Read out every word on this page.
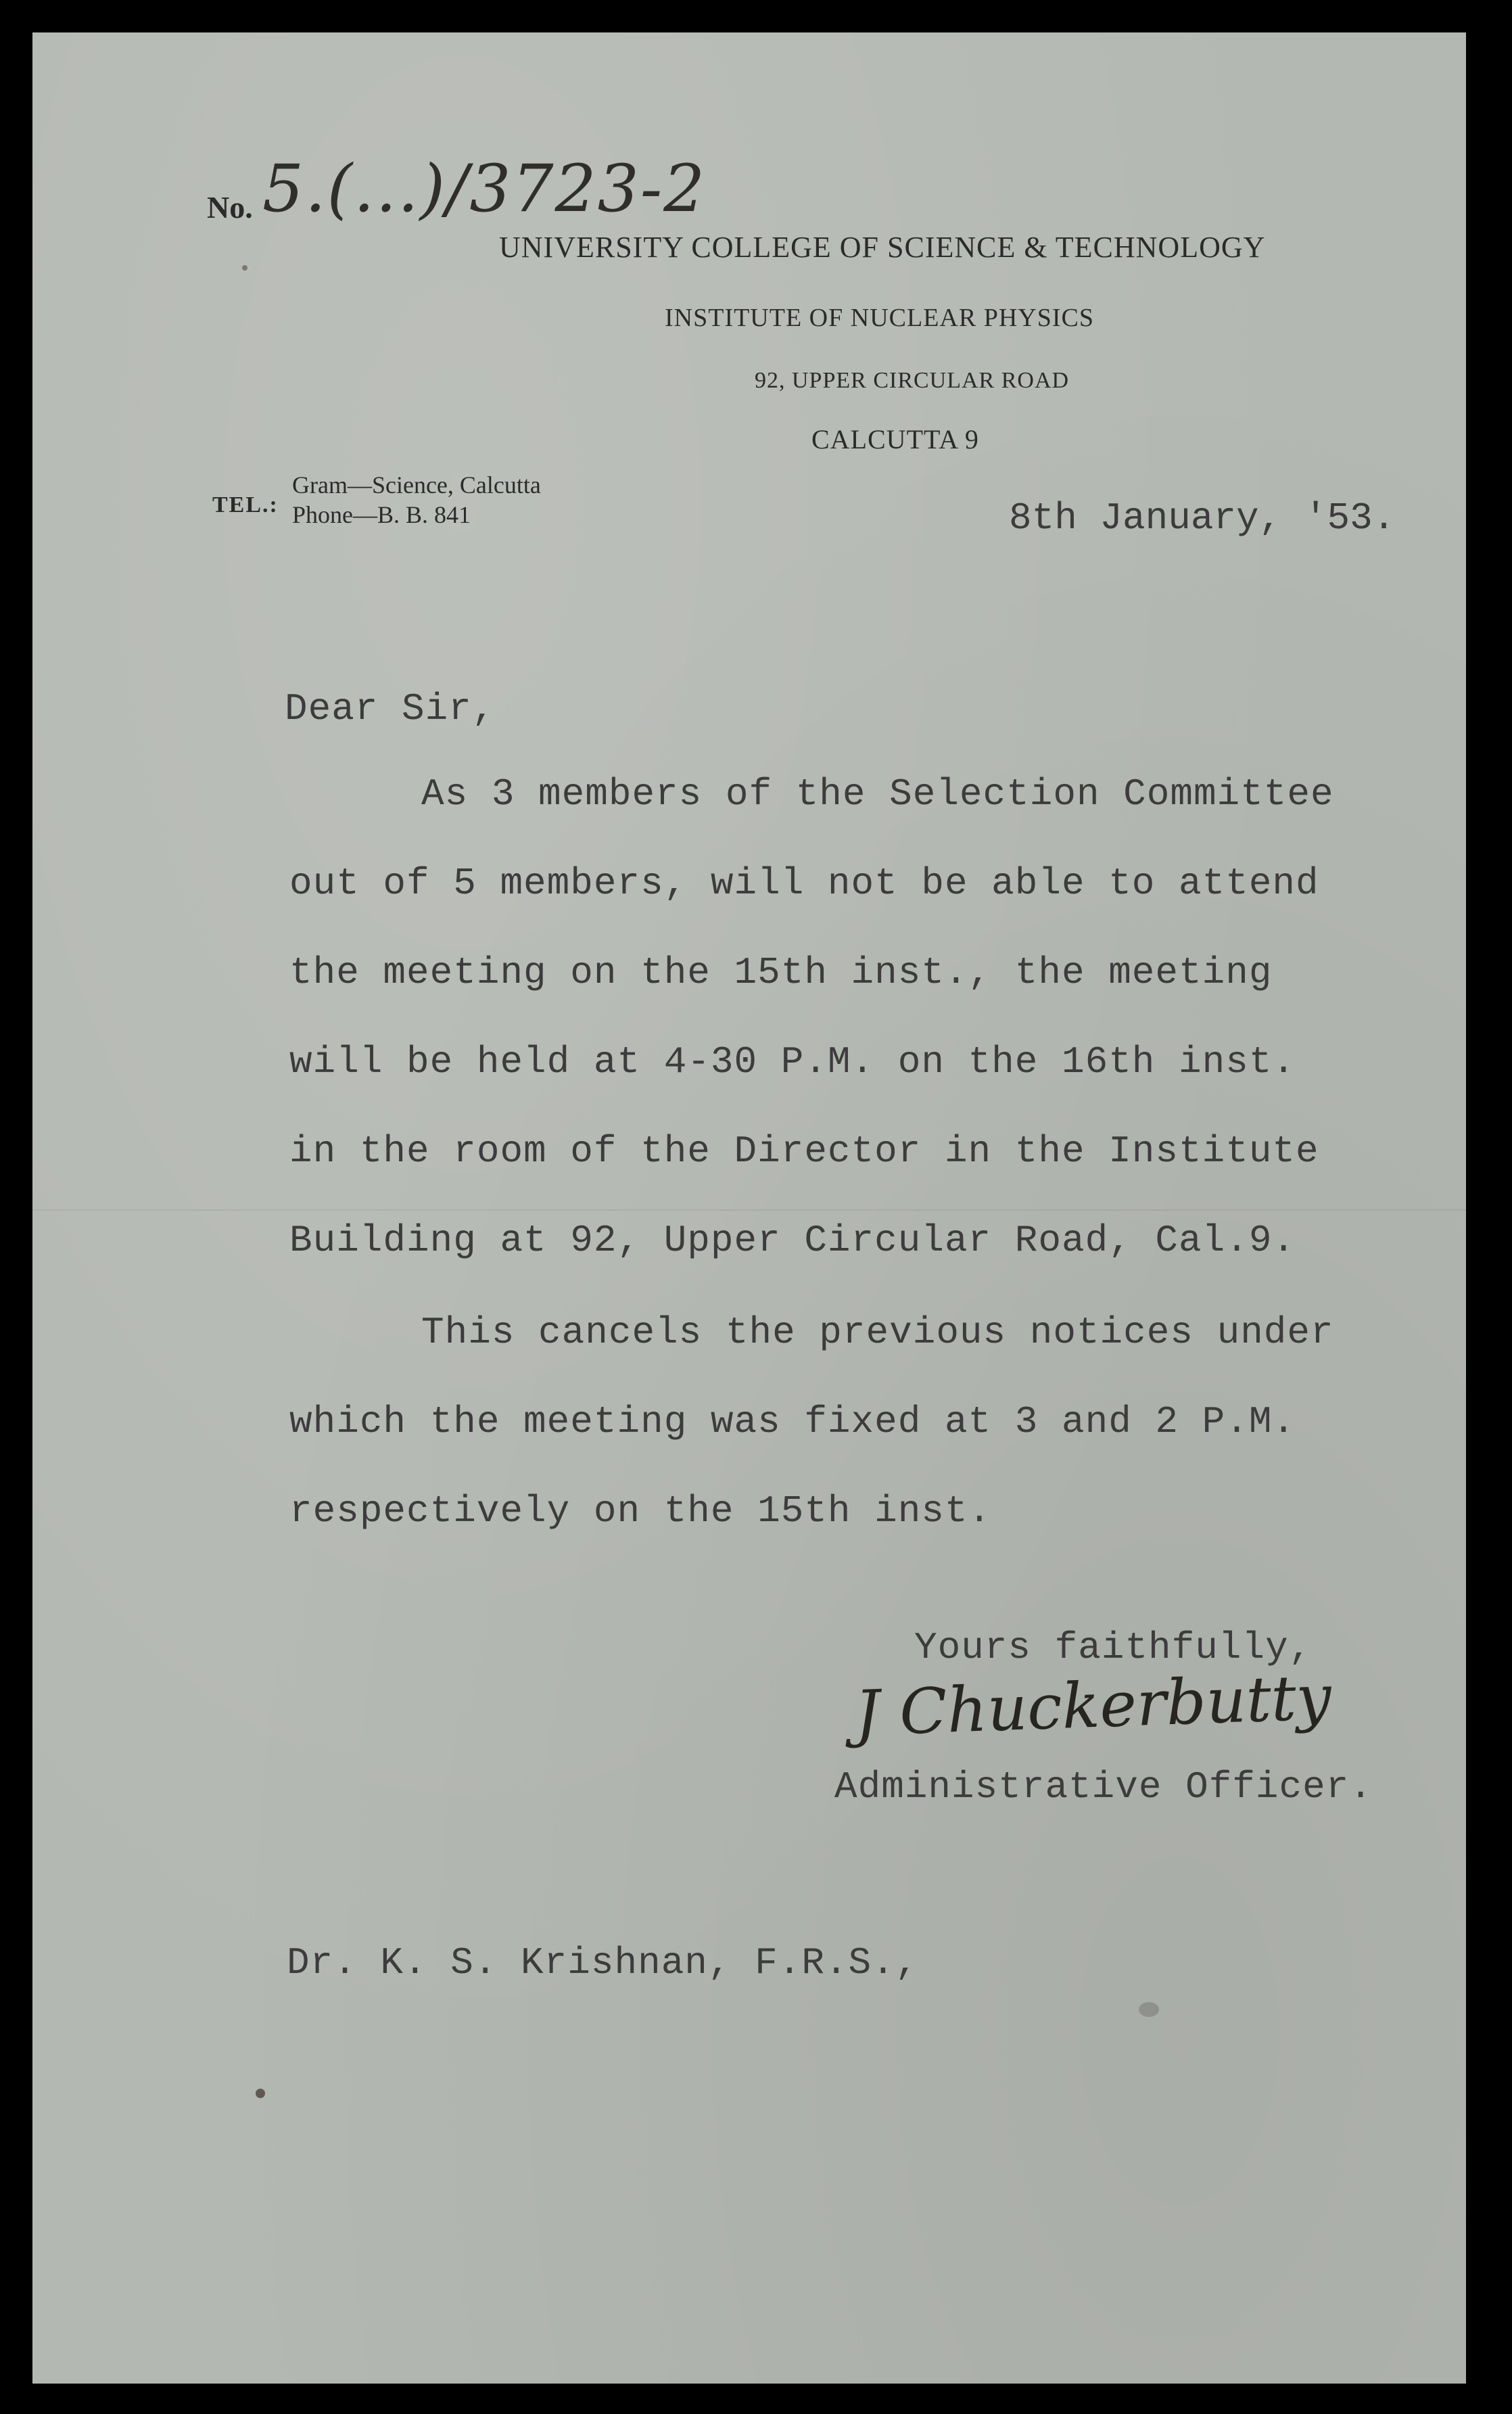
No. 5.(...)/3723-2
UNIVERSITY COLLEGE OF SCIENCE & TECHNOLOGY
INSTITUTE OF NUCLEAR PHYSICS
92, UPPER CIRCULAR ROAD
CALCUTTA 9
TEL.:
Gram—Science, Calcutta
Phone—B. B. 841	8th January, '53.
Dear Sir,
As 3 members of the Selection Committee
out of 5 members, will not be able to attend
the meeting on the 15th inst., the meeting
will be held at 4-30 P.M. on the 16th inst.
in the room of the Director in the Institute
Building at 92, Upper Circular Road, Cal.9.
This cancels the previous notices under
which the meeting was fixed at 3 and 2 P.M.
respectively on the 15th inst.
Yours faithfully,
J Chuckerbutty
Administrative Officer.
Dr. K. S. Krishnan, F.R.S.,
